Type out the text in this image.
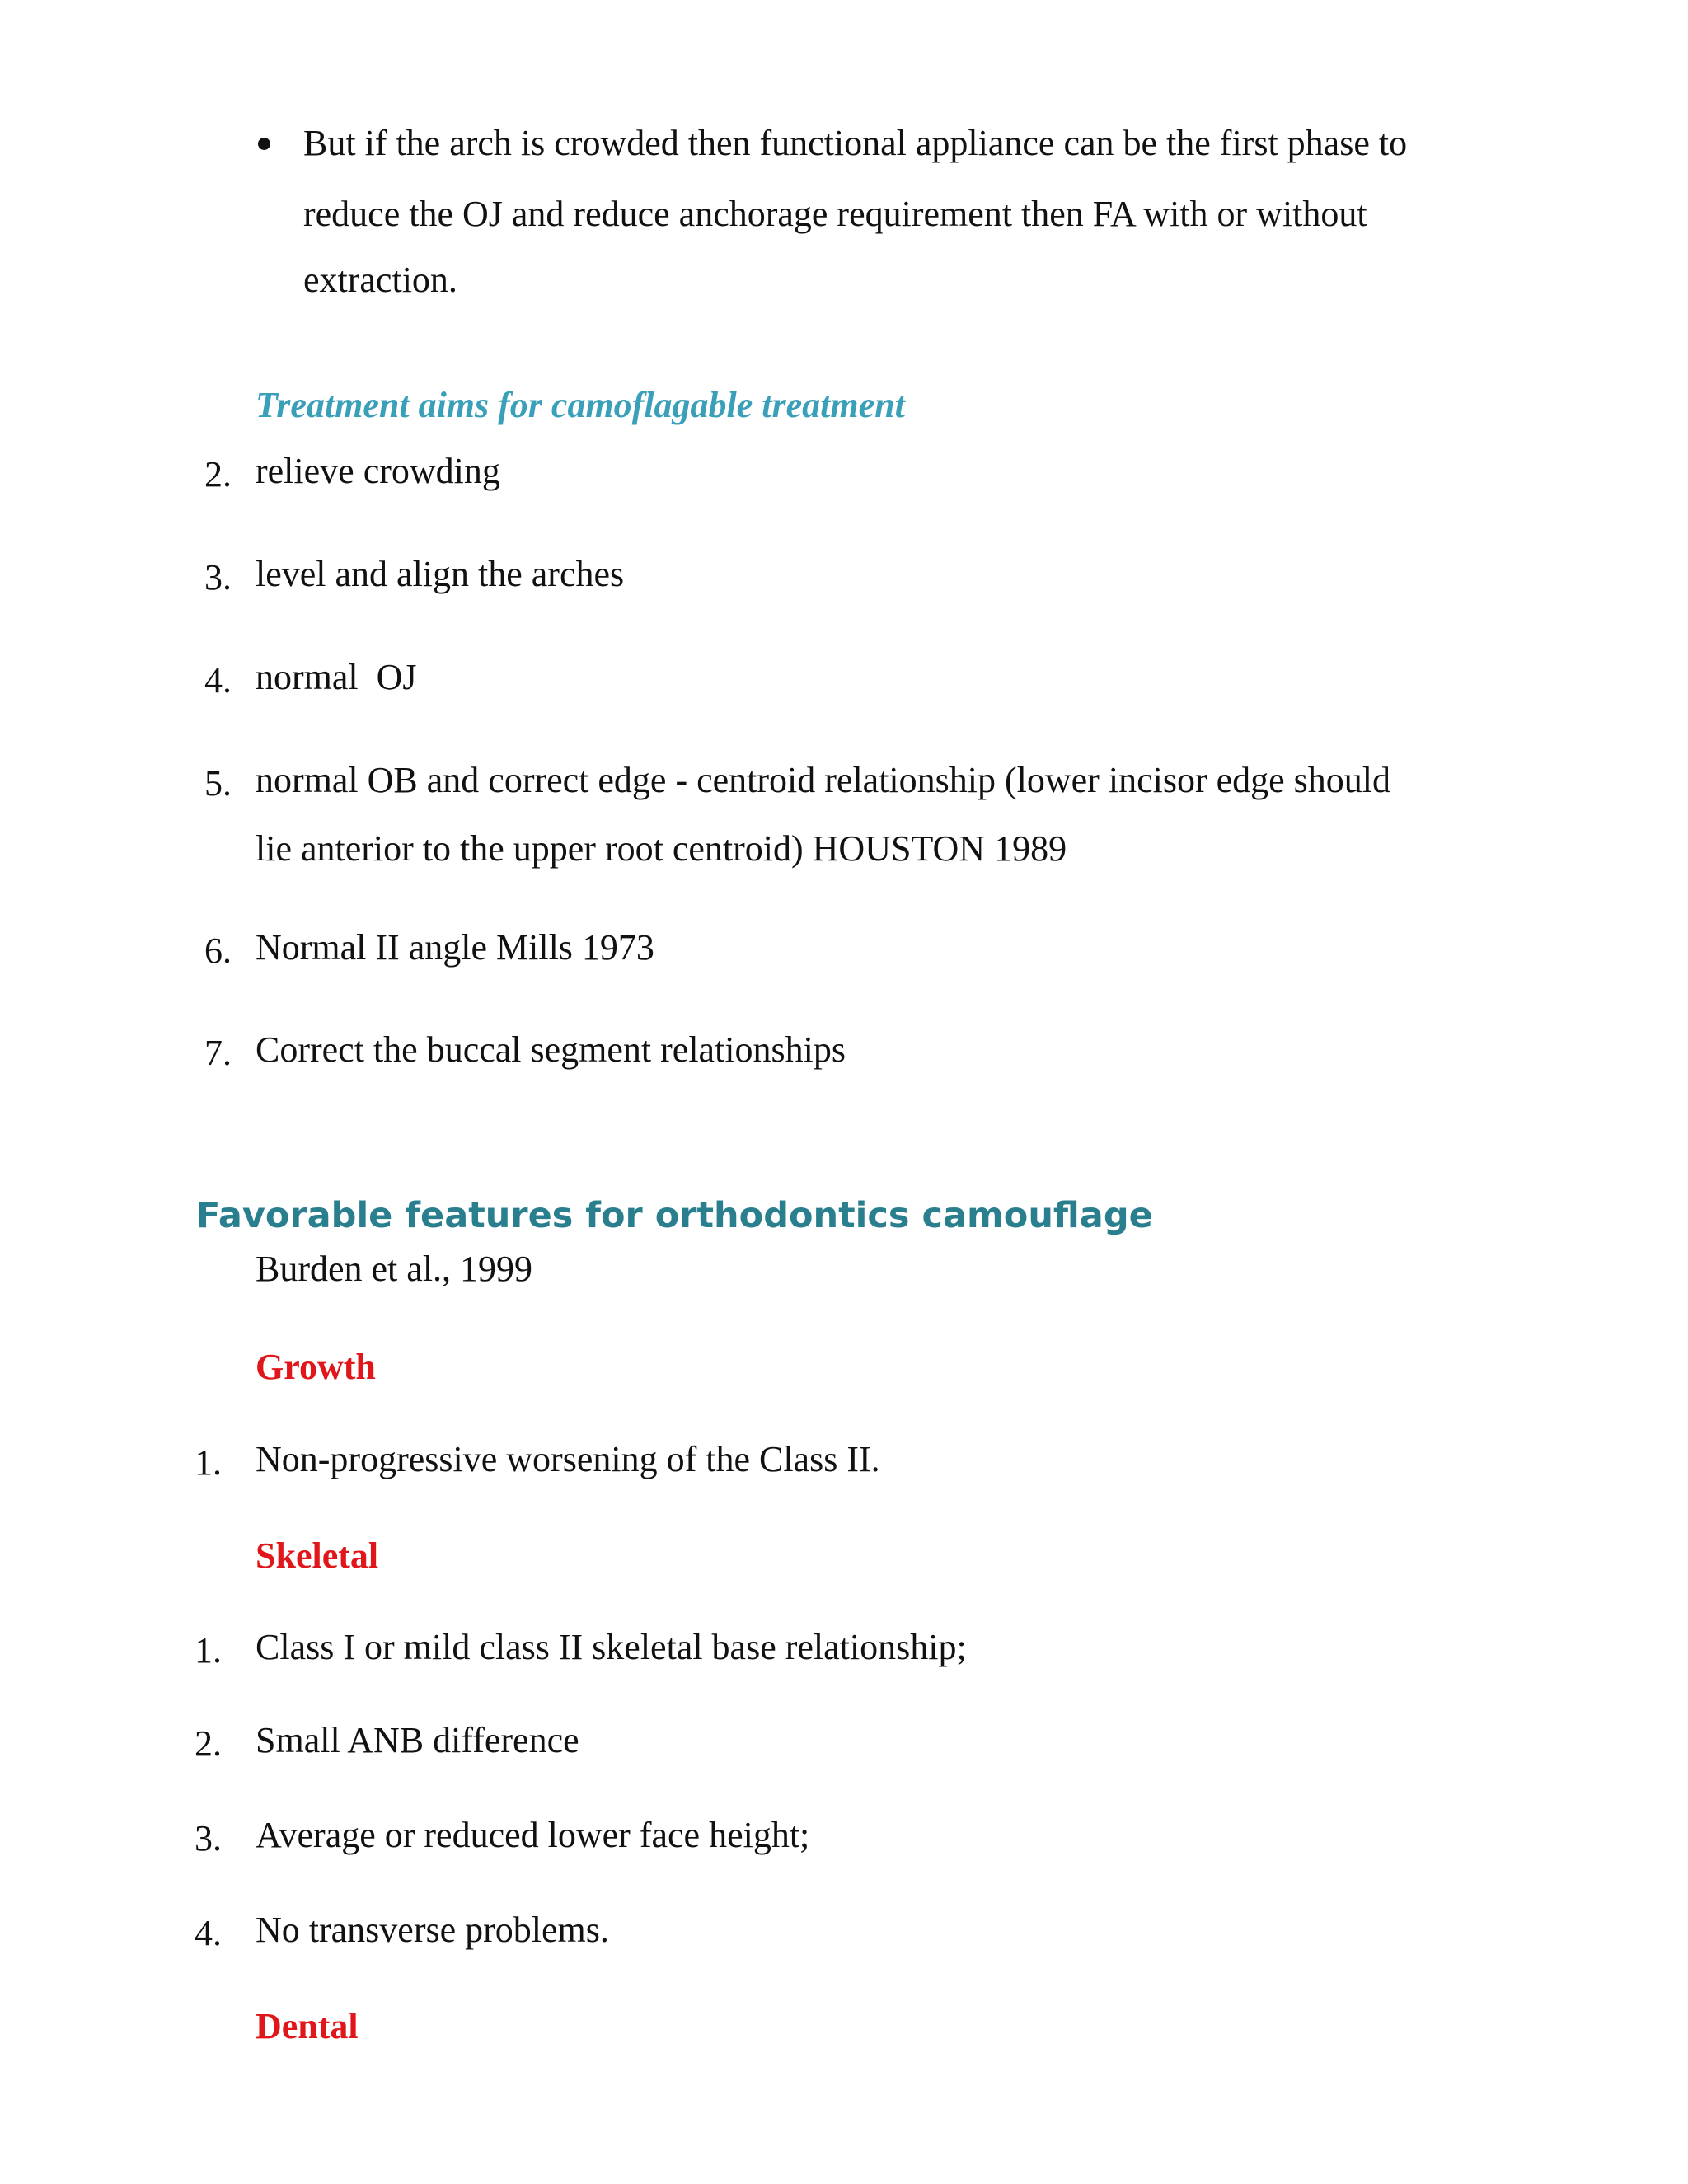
But if the arch is crowded then functional appliance can be the first phase to
reduce the OJ and reduce anchorage requirement then FA with or without
extraction.
Treatment aims for camoflagable treatment
2. relieve crowding
3. level and align the arches
4. normal  OJ
5. normal OB and correct edge - centroid relationship (lower incisor edge should
lie anterior to the upper root centroid) HOUSTON 1989
6. Normal II angle Mills 1973
7. Correct the buccal segment relationships
Favorable features for orthodontics camouflage
Burden et al., 1999
Growth
1. Non-progressive worsening of the Class II.
Skeletal
1. Class I or mild class II skeletal base relationship;
2. Small ANB difference
3. Average or reduced lower face height;
4. No transverse problems.
Dental
